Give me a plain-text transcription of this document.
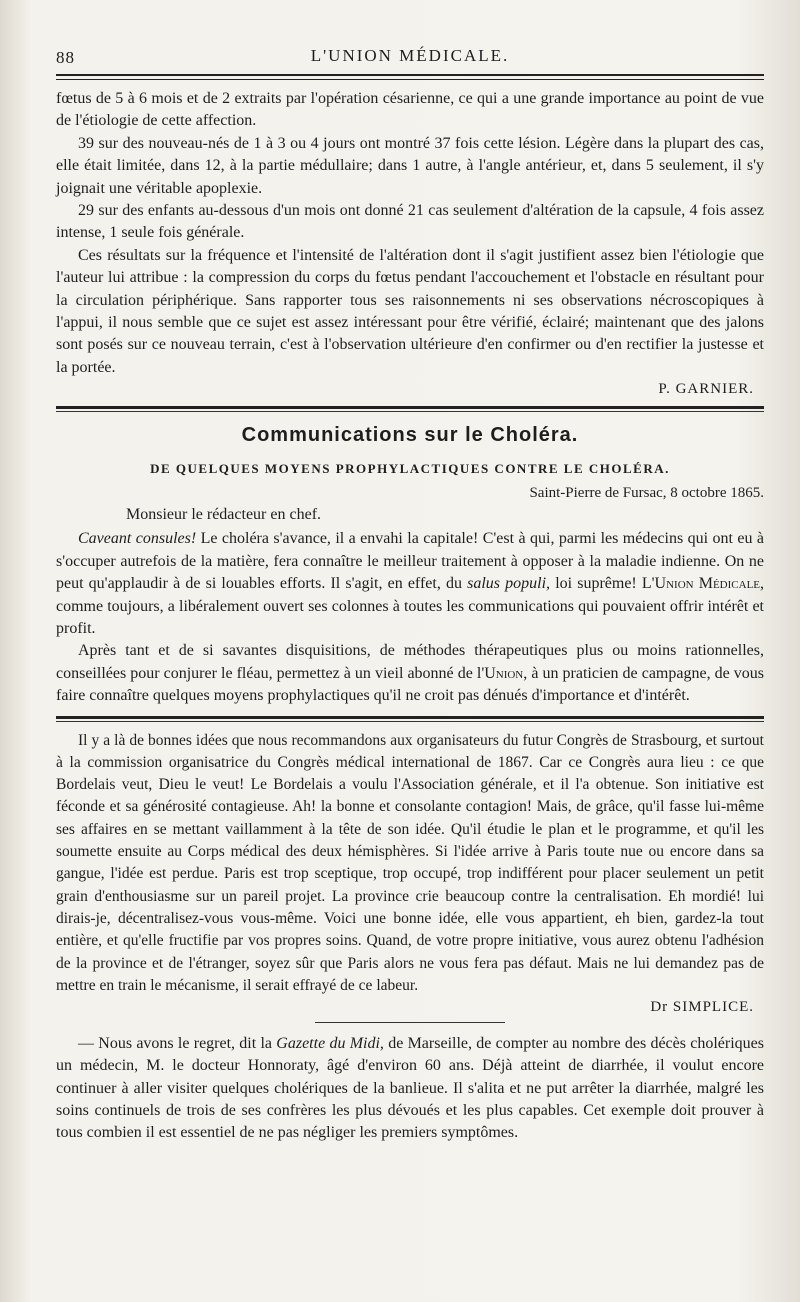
88	L'UNION MÉDICALE.

fœtus de 5 à 6 mois et de 2 extraits par l'opération césarienne, ce qui a une grande importance au point de vue de l'étiologie de cette affection.

39 sur des nouveau-nés de 1 à 3 ou 4 jours ont montré 37 fois cette lésion. Légère dans la plupart des cas, elle était limitée, dans 12, à la partie médullaire; dans 1 autre, à l'angle antérieur, et, dans 5 seulement, il s'y joignait une véritable apoplexie.

29 sur des enfants au-dessous d'un mois ont donné 21 cas seulement d'altération de la capsule, 4 fois assez intense, 1 seule fois générale.

Ces résultats sur la fréquence et l'intensité de l'altération dont il s'agit justifient assez bien l'étiologie que l'auteur lui attribue : la compression du corps du fœtus pendant l'accouchement et l'obstacle en résultant pour la circulation périphérique. Sans rapporter tous ses raisonnements ni ses observations nécroscopiques à l'appui, il nous semble que ce sujet est assez intéressant pour être vérifié, éclairé; maintenant que des jalons sont posés sur ce nouveau terrain, c'est à l'observation ultérieure d'en confirmer ou d'en rectifier la justesse et la portée.

P. GARNIER.
Communications sur le Choléra.
DE QUELQUES MOYENS PROPHYLACTIQUES CONTRE LE CHOLÉRA.
Saint-Pierre de Fursac, 8 octobre 1865.
Monsieur le rédacteur en chef.

Caveant consules! Le choléra s'avance, il a envahi la capitale! C'est à qui, parmi les médecins qui ont eu à s'occuper autrefois de la matière, fera connaître le meilleur traitement à opposer à la maladie indienne. On ne peut qu'applaudir à de si louables efforts. Il s'agit, en effet, du salus populi, loi suprême! L'Union Médicale, comme toujours, a libéralement ouvert ses colonnes à toutes les communications qui pouvaient offrir intérêt et profit.

Après tant et de si savantes disquisitions, de méthodes thérapeutiques plus ou moins rationnelles, conseillées pour conjurer le fléau, permettez à un vieil abonné de l'Union, à un praticien de campagne, de vous faire connaître quelques moyens prophylactiques qu'il ne croit pas dénués d'importance et d'intérêt.

Il y a là de bonnes idées que nous recommandons aux organisateurs du futur Congrès de Strasbourg, et surtout à la commission organisatrice du Congrès médical international de 1867. Car ce Congrès aura lieu : ce que Bordelais veut, Dieu le veut! Le Bordelais a voulu l'Association générale, et il l'a obtenue. Son initiative est féconde et sa générosité contagieuse. Ah! la bonne et consolante contagion! Mais, de grâce, qu'il fasse lui-même ses affaires en se mettant vaillamment à la tête de son idée. Qu'il étudie le plan et le programme, et qu'il les soumette ensuite au Corps médical des deux hémisphères. Si l'idée arrive à Paris toute nue ou encore dans sa gangue, l'idée est perdue. Paris est trop sceptique, trop occupé, trop indifférent pour placer seulement un petit grain d'enthousiasme sur un pareil projet. La province crie beaucoup contre la centralisation. Eh mordié! lui dirais-je, décentralisez-vous vous-même. Voici une bonne idée, elle vous appartient, eh bien, gardez-la tout entière, et qu'elle fructifie par vos propres soins. Quand, de votre propre initiative, vous aurez obtenu l'adhésion de la province et de l'étranger, soyez sûr que Paris alors ne vous fera pas défaut. Mais ne lui demandez pas de mettre en train le mécanisme, il serait effrayé de ce labeur.

Dr SIMPLICE.

— Nous avons le regret, dit la Gazette du Midi, de Marseille, de compter au nombre des décès cholériques un médecin, M. le docteur Honnoraty, âgé d'environ 60 ans. Déjà atteint de diarrhée, il voulut encore continuer à aller visiter quelques cholériques de la banlieue. Il s'alita et ne put arrêter la diarrhée, malgré les soins continuels de trois de ses confrères les plus dévoués et les plus capables. Cet exemple doit prouver à tous combien il est essentiel de ne pas négliger les premiers symptômes.
